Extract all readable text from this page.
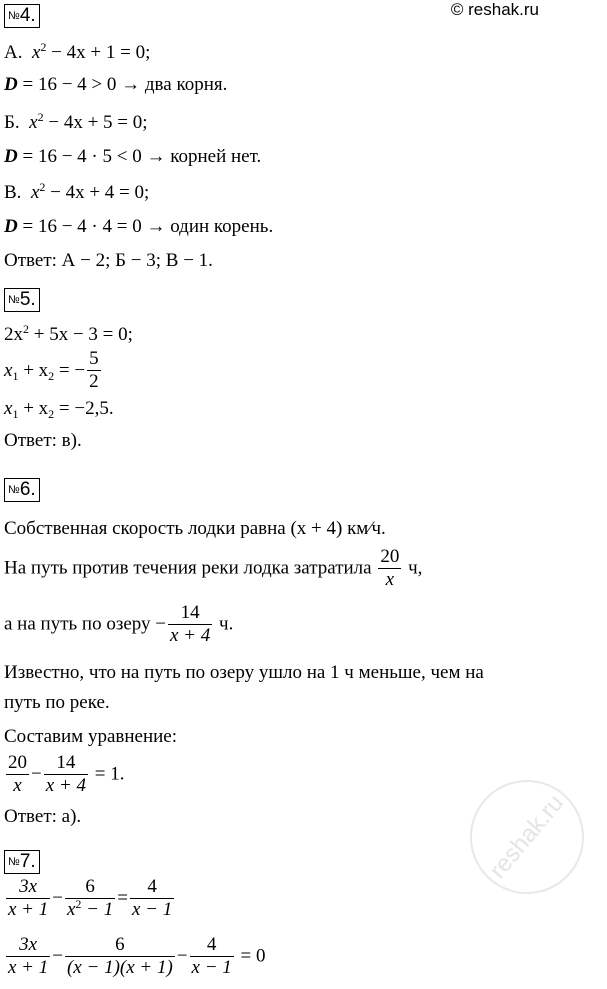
reshak.ru
© reshak.ru
№4.
А. $x^2 - 4x + 1 = 0$;
D = 16 − 4 > 0 → два корня.
Б. $x^2 - 4x + 5 = 0$;
D = 16 − 4 · 5 < 0 → корней нет.
В. $x^2 - 4x + 4 = 0$;
D = 16 − 4 · 4 = 0 → один корень.
Ответ: А − 2; Б − 3; В − 1.
№5.
$2x^2 + 5x - 3 = 0$;
$x_1 + x_2$ = − $\frac{5}{2}$
$x_1 + x_2 = -2,5$.
Ответ: в).
№6.
Собственная скорость лодки равна (x + 4) км⁄ч.
На путь против течения реки лодка затратила $\frac{20}{x} ч$,
а на путь по озеру − $\frac{14}{x + 4} ч$.
Известно, что на путь по озеру ушло на 1 ч меньше, чем на
путь по реке.
Составим уравнение:
$\frac{20}{x} - \frac{14}{x + 4} = 1$.
Ответ: а).
№7.
$\frac{3x}{x + 1} - \frac{6}{x^2 - 1} = \frac{4}{x - 1}$
$\frac{3x}{x + 1} - \frac{6}{(x - 1)(x + 1)} - \frac{4}{x - 1} = 0$
